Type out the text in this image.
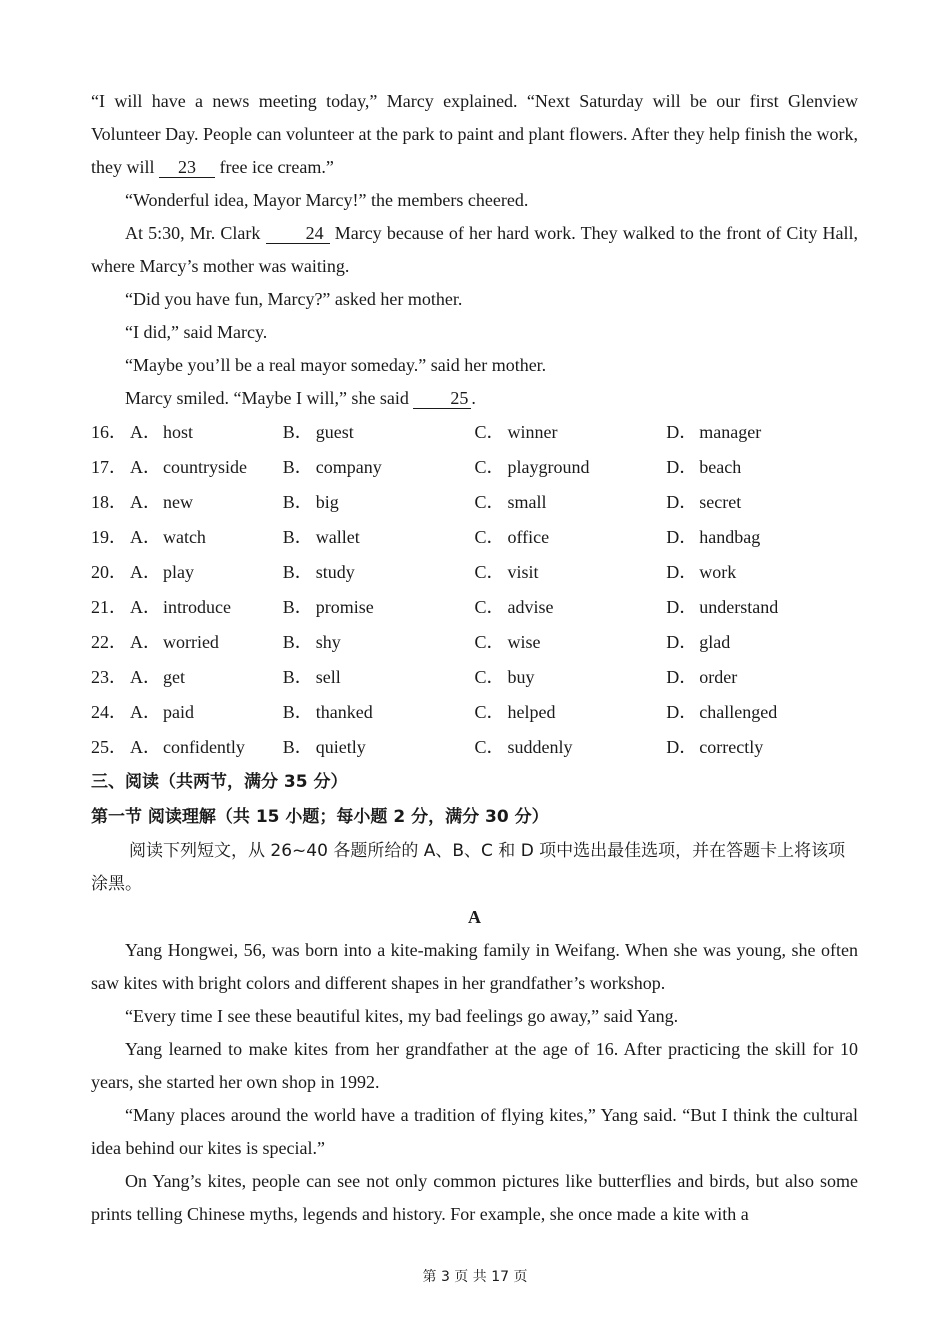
“I will have a news meeting today,” Marcy explained. “Next Saturday will be our first Glenview Volunteer Day. People can volunteer at the park to paint and plant flowers. After they help finish the work, they will 23 free ice cream.”

“Wonderful idea, Mayor Marcy!” the members cheered.

At 5:30, Mr. Clark 24 Marcy because of her hard work. They walked to the front of City Hall, where Marcy’s mother was waiting.

“Did you have fun, Marcy?” asked her mother.

“I did,” said Marcy.

“Maybe you’ll be a real mayor someday.” said her mother.

Marcy smiled. “Maybe I will,” she said 25 .

16． A． host	B． guest	C． winner	D． manager
17． A． countryside B． company	C． playground	D． beach
18． A． new	B． big	C． small	D． secret
19． A． watch	B． wallet	C． office	D． handbag
20． A． play	B． study	C． visit	D． work
21． A． introduce	B． promise	C． advise	D． understand
22． A． worried	B． shy	C． wise	D． glad
23． A． get	B． sell	C． buy	D． order
24． A． paid	B． thanked	C． helped	D． challenged
25． A． confidently B． quietly	C． suddenly	D． correctly

三、阅读（共两节，满分 35 分）

第一节 阅读理解（共 15 小题；每小题 2 分，满分 30 分）

阅读下列短文，从 26~40 各题所给的 A、B、C 和 D 项中选出最佳选项，并在答题卡上将该项涂黑。

A

Yang Hongwei, 56, was born into a kite-making family in Weifang. When she was young, she often saw kites with bright colors and different shapes in her grandfather’s workshop.

“Every time I see these beautiful kites, my bad feelings go away,” said Yang.

Yang learned to make kites from her grandfather at the age of 16. After practicing the skill for 10 years, she started her own shop in 1992.

“Many places around the world have a tradition of flying kites,” Yang said. “But I think the cultural idea behind our kites is special.”

On Yang’s kites, people can see not only common pictures like butterflies and birds, but also some prints telling Chinese myths, legends and history. For example, she once made a kite with a

第 3 页 共 17 页
